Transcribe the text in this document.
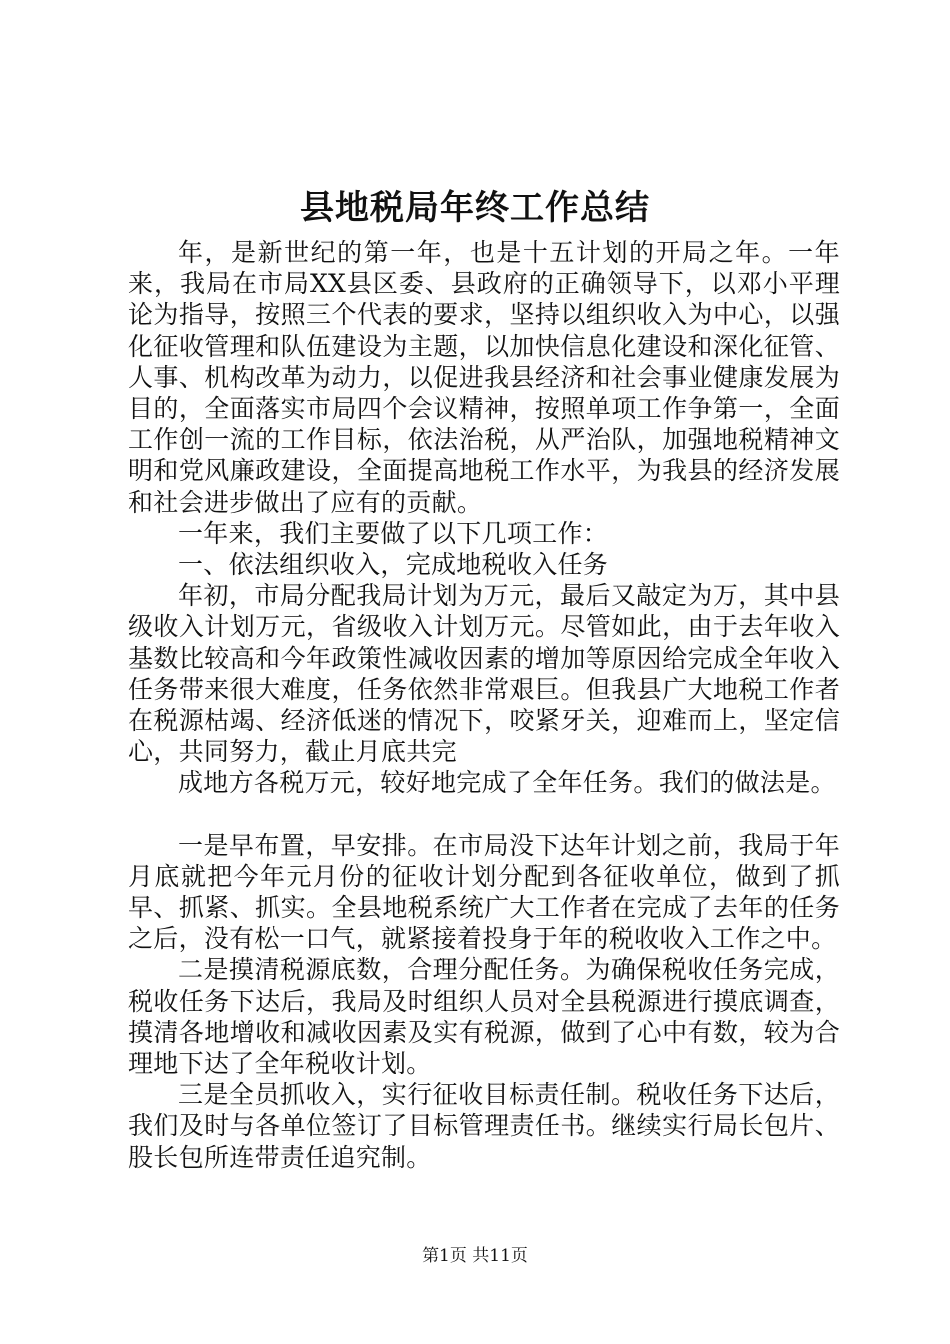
县地税局年终工作总结

年，是新世纪的第一年，也是十五计划的开局之年。一年来，我局在市局XX县区委、县政府的正确领导下，以邓小平理论为指导，按照三个代表的要求，坚持以组织收入为中心，以强化征收管理和队伍建设为主题，以加快信息化建设和深化征管、人事、机构改革为动力，以促进我县经济和社会事业健康发展为目的，全面落实市局四个会议精神，按照单项工作争第一，全面工作创一流的工作目标，依法治税，从严治队，加强地税精神文明和党风廉政建设，全面提高地税工作水平，为我县的经济发展和社会进步做出了应有的贡献。

一年来，我们主要做了以下几项工作：

一、依法组织收入，完成地税收入任务

年初，市局分配我局计划为万元，最后又敲定为万，其中县级收入计划万元，省级收入计划万元。尽管如此，由于去年收入基数比较高和今年政策性减收因素的增加等原因给完成全年收入任务带来很大难度，任务依然非常艰巨。但我县广大地税工作者在税源枯竭、经济低迷的情况下，咬紧牙关，迎难而上，坚定信心，共同努力，截止月底共完

成地方各税万元，较好地完成了全年任务。我们的做法是。

一是早布置，早安排。在市局没下达年计划之前，我局于年月底就把今年元月份的征收计划分配到各征收单位，做到了抓早、抓紧、抓实。全县地税系统广大工作者在完成了去年的任务之后，没有松一口气，就紧接着投身于年的税收收入工作之中。

二是摸清税源底数，合理分配任务。为确保税收任务完成，税收任务下达后，我局及时组织人员对全县税源进行摸底调查，摸清各地增收和减收因素及实有税源，做到了心中有数，较为合理地下达了全年税收计划。

三是全员抓收入，实行征收目标责任制。税收任务下达后，我们及时与各单位签订了目标管理责任书。继续实行局长包片、股长包所连带责任追究制。

第1页 共11页
